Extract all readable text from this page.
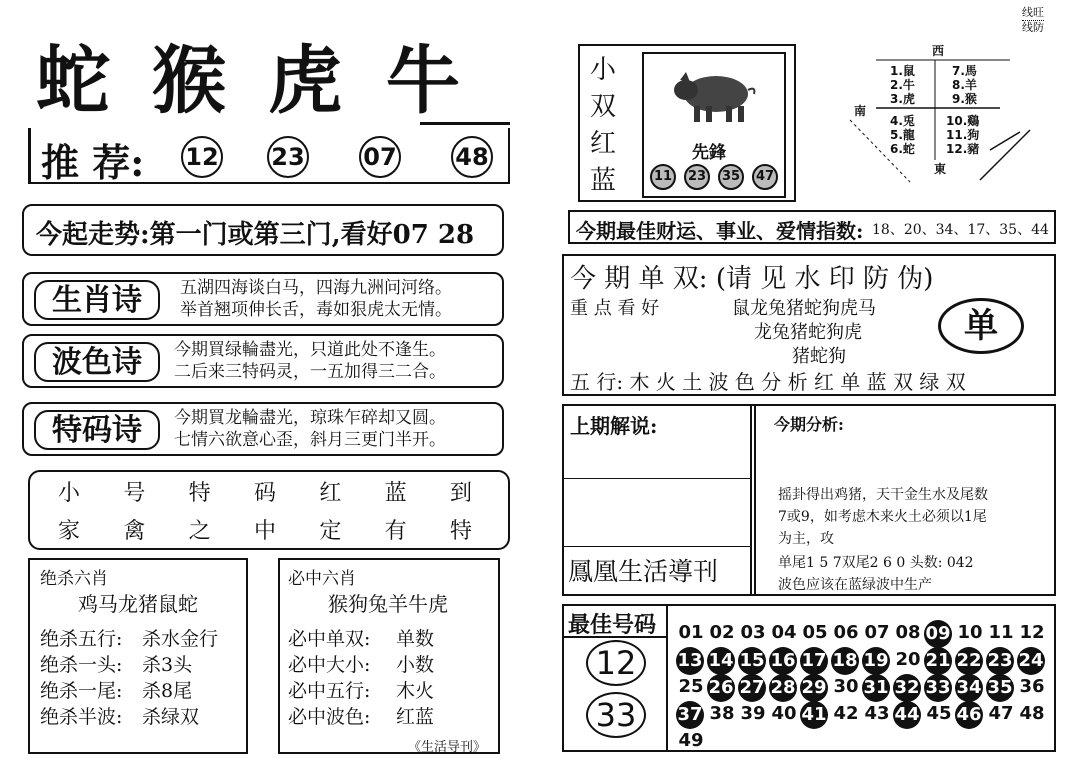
蛇 猴 虎 牛
推 荐: 12 23 07 48
今起走势:第一门或第三门,看好07 28
生肖诗	五湖四海谈白马，四海九洲问河络。
举首翘项伸长舌，毒如狠虎太无情。
波色诗	今期買绿輪盡光，只道此处不逢生。
二后来三特码灵，一五加得三二合。
特码诗	今期買龙輪盡光，琼珠乍碎却又圆。
七情六欲意心歪，斜月三更门半开。
小 号 特 码 红 蓝 到
家 禽 之 中 定 有 特
绝杀六肖
鸡马龙猪鼠蛇
绝杀五行: 杀水金行
绝杀一头: 杀3头
绝杀一尾: 杀8尾
绝杀半波: 杀绿双
必中六肖
猴狗兔羊牛虎
必中单双: 单数
必中大小: 小数
必中五行: 木火
必中波色: 红蓝
《生活导刊》
线旺
线防
小
双
红
蓝
先鋒
11	23	35	47
西
南
東
1.鼠
2.牛
3.虎
4.兎
5.龍
6.蛇
7.馬
8.羊
9.猴
10.鷄
11.狗
12.豬
今期最佳财运、事业、爱情指数: 18、20、34、17、35、44
今 期 单 双: (请 见 水 印 防 伪)
重 点 看 好	鼠龙兔猪蛇狗虎马
龙兔猪蛇狗虎
猪蛇狗
单
五 行: 木 火 土 波 色 分 析 红 单 蓝 双 绿 双
上期解说:	今期分析:
摇卦得出鸡猪，天干金生水及尾数
7或9，如考虑木来火土必须以1尾
为主，攻
单尾1 5 7双尾2 6 0 头数: 042
波色应该在蓝绿波中生产
鳳凰生活導刊
最佳号码
12
33
01 02 03 04 05 06 07 08 09 10 11 12
13 14 15 16 17 18 19 20 21 22 23 24
25 26 27 28 29 30 31 32 33 34 35 36
37 38 39 40 41 42 43 44 45 46 47 48
49
